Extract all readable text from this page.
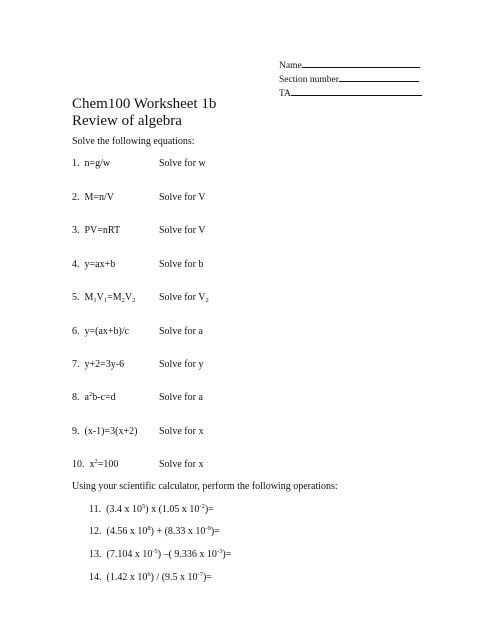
Name
Section number
TA
Chem100 Worksheet 1b
Review of algebra
Solve the following equations:
1. n=g/w	Solve for w
2. M=n/V	Solve for V
3. PV=nRT	Solve for V
4. y=ax+b	Solve for b
5. $M_1V_1=M_2V_2$ Solve for $V_2$
6. y=(ax+b)/c	Solve for a
7. y+2=3y-6	Solve for y
8. $a^2b-c=d$	Solve for a
9. (x-1)=3(x+2) Solve for x
10. $x^2=100$	Solve for x
Using your scientific calculator, perform the following operations:
11. (3.4 x $10^5$) x (1.05 x $10^{-2})=$
12. (4.56 x $10^8) + (8.33$ x $10^{-9})=$
13. (7.104 x $10^{-5}$) –( 9.336 x $10^{-3})=$
14. (1.42 x $10^6) / (9.5$ x $10^{-7})=$
